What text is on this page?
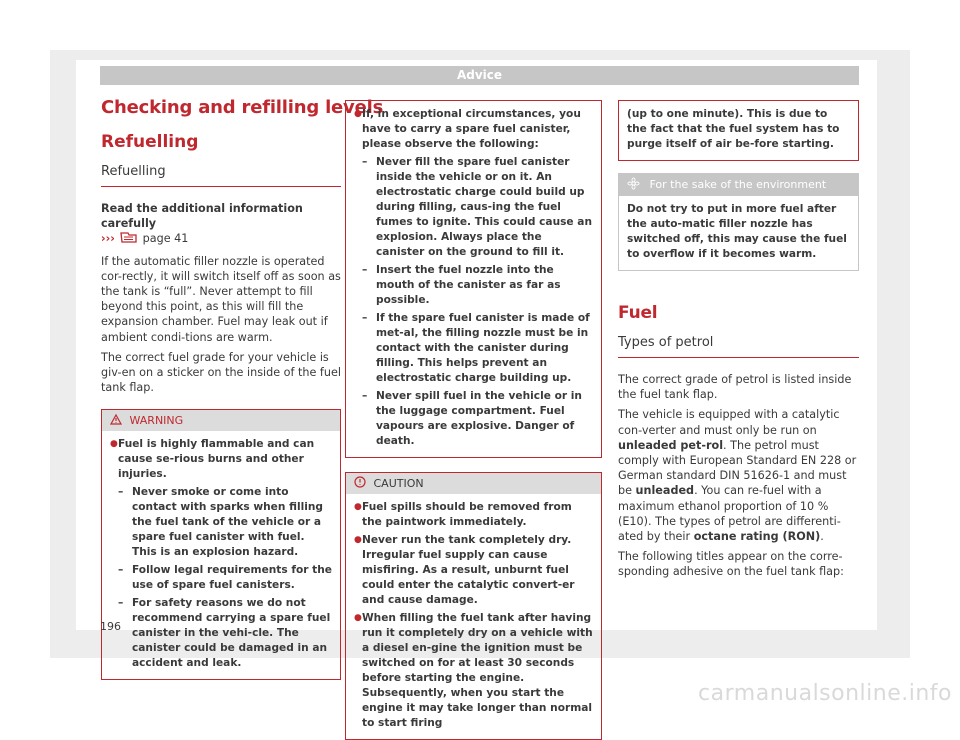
Advice
Checking and refilling levels
Refuelling
Refuelling
Read the additional information carefully
››› page 41

If the automatic filler nozzle is operated cor-rectly, it will switch itself off as soon as the tank is “full”. Never attempt to fill beyond this point, as this will fill the expansion chamber. Fuel may leak out if ambient condi-tions are warm.

The correct fuel grade for your vehicle is giv-en on a sticker on the inside of the fuel tank flap.

WARNING
● Fuel is highly flammable and can cause se-rious burns and other injuries.
– Never smoke or come into contact with sparks when filling the fuel tank of the vehicle or a spare fuel canister with fuel. This is an explosion hazard.
– Follow legal requirements for the use of spare fuel canisters.
– For safety reasons we do not recommend carrying a spare fuel canister in the vehi-cle. The canister could be damaged in an accident and leak.
● If, in exceptional circumstances, you have to carry a spare fuel canister, please observe the following:
– Never fill the spare fuel canister inside the vehicle or on it. An electrostatic charge could build up during filling, caus-ing the fuel fumes to ignite. This could cause an explosion. Always place the canister on the ground to fill it.
– Insert the fuel nozzle into the mouth of the canister as far as possible.
– If the spare fuel canister is made of met-al, the filling nozzle must be in contact with the canister during filling. This helps prevent an electrostatic charge building up.
– Never spill fuel in the vehicle or in the luggage compartment. Fuel vapours are explosive. Danger of death.
CAUTION
● Fuel spills should be removed from the paintwork immediately.
● Never run the tank completely dry. Irregular fuel supply can cause misfiring. As a result, unburnt fuel could enter the catalytic convert-er and cause damage.
● When filling the fuel tank after having run it completely dry on a vehicle with a diesel en-gine the ignition must be switched on for at least 30 seconds before starting the engine. Subsequently, when you start the engine it may take longer than normal to start firing
(up to one minute). This is due to the fact that the fuel system has to purge itself of air be-fore starting.
For the sake of the environment
Do not try to put in more fuel after the auto-matic filler nozzle has switched off, this may cause the fuel to overflow if it becomes warm.
Fuel
Types of petrol

The correct grade of petrol is listed inside the fuel tank flap.

The vehicle is equipped with a catalytic con-verter and must only be run on unleaded pet-rol. The petrol must comply with European Standard EN 228 or German standard DIN 51626-1 and must be unleaded. You can re-fuel with a maximum ethanol proportion of 10 % (E10). The types of petrol are differenti-ated by their octane rating (RON).

The following titles appear on the corre-sponding adhesive on the fuel tank flap:

196
carmanualsonline.info
